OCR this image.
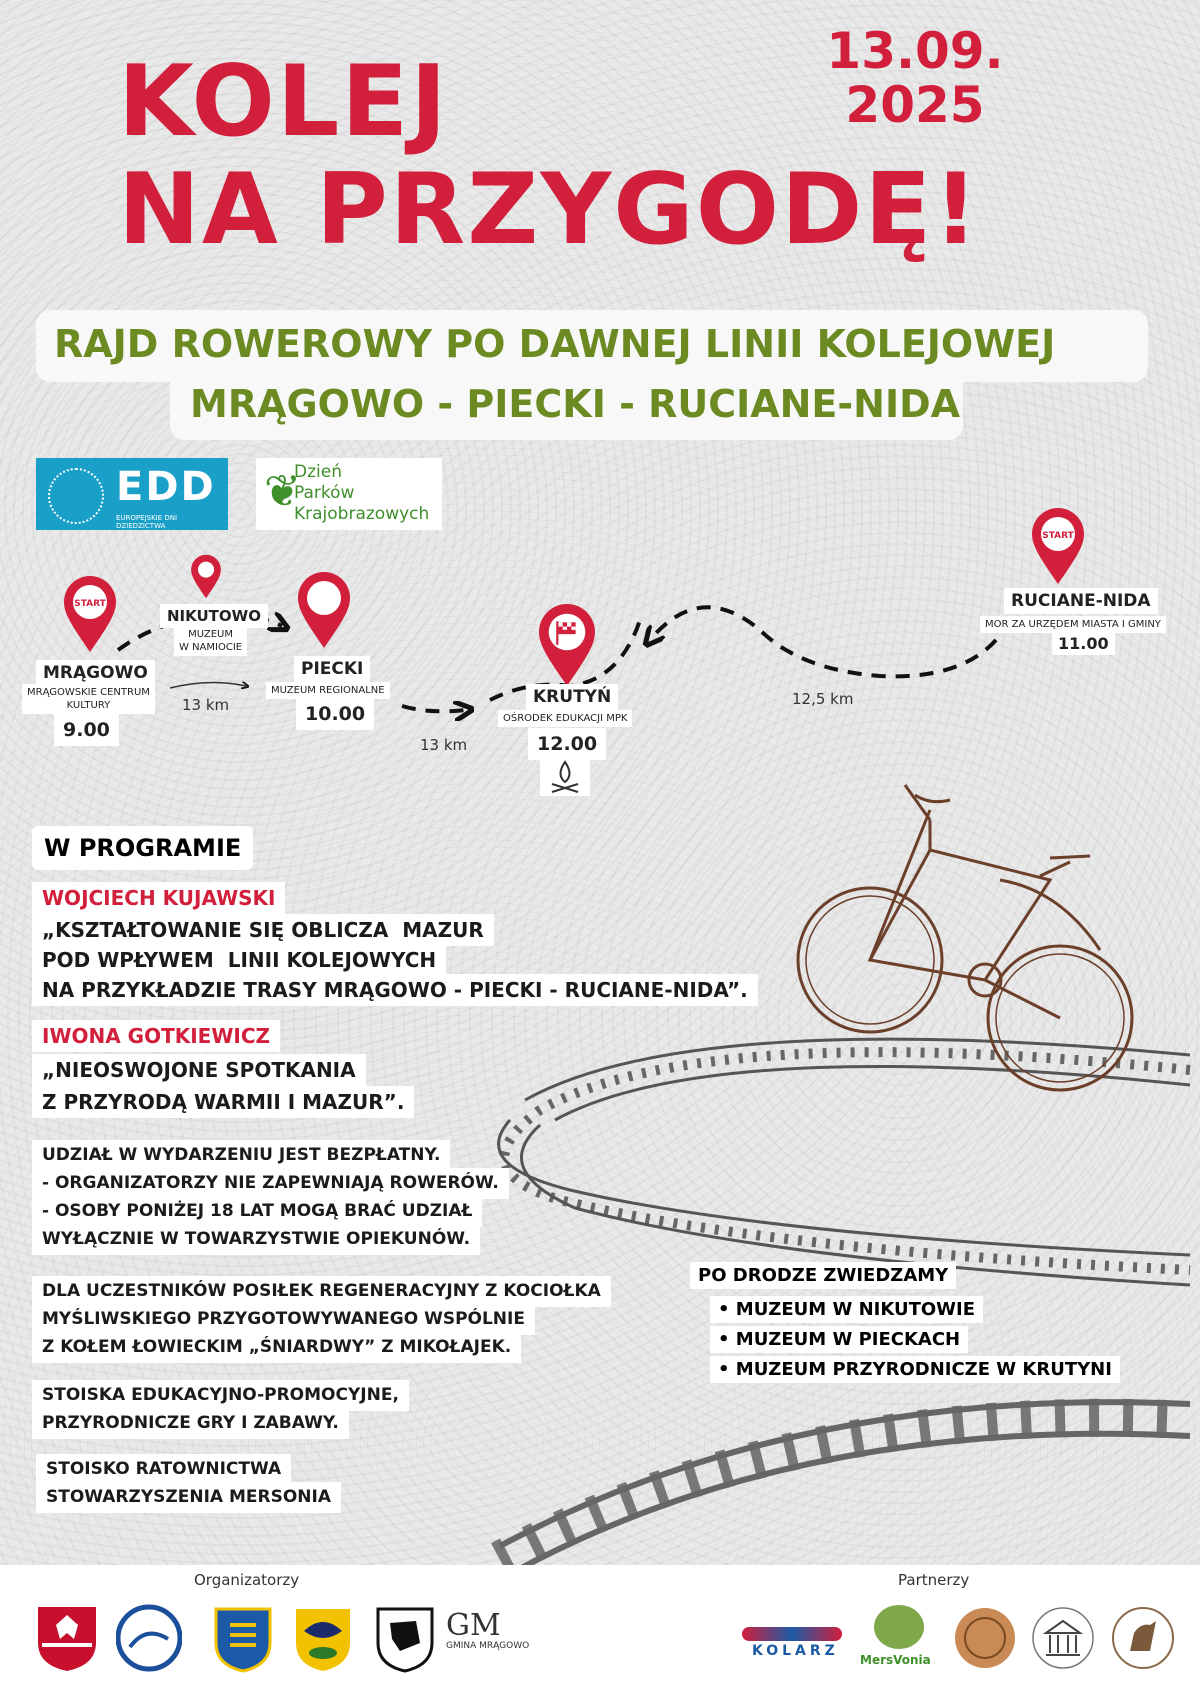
KOLEJ
NA PRZYGODĘ!
13.09.
2025
RAJD ROWEROWY PO DAWNEJ LINII KOLEJOWEJ
MRĄGOWO - PIECKI - RUCIANE-NIDA
EDD
EUROPEJSKIE DNI DZIEDZICTWA
❦
Dzień
Parków
Krajobrazowych
START
START
MRĄGOWO
MRĄGOWSKIE CENTRUM
KULTURY
9.00
NIKUTOWO
MUZEUM
W NAMIOCIE
PIECKI
MUZEUM REGIONALNE
10.00
KRUTYŃ
OŚRODEK EDUKACJI MPK
12.00
RUCIANE-NIDA
MOR ZA URZĘDEM MIASTA I GMINY
11.00
13 km
13 km
12,5 km
W PROGRAMIE
WOJCIECH KUJAWSKI
„KSZTAŁTOWANIE SIĘ OBLICZA  MAZUR
POD WPŁYWEM  LINII KOLEJOWYCH
NA PRZYKŁADZIE TRASY MRĄGOWO - PIECKI - RUCIANE-NIDA”.
IWONA GOTKIEWICZ
„NIEOSWOJONE SPOTKANIA
Z PRZYRODĄ WARMII I MAZUR”.
UDZIAŁ W WYDARZENIU JEST BEZPŁATNY.
- ORGANIZATORZY NIE ZAPEWNIAJĄ ROWERÓW.
- OSOBY PONIŻEJ 18 LAT MOGĄ BRAĆ UDZIAŁ
WYŁĄCZNIE W TOWARZYSTWIE OPIEKUNÓW.
DLA UCZESTNIKÓW POSIŁEK REGENERACYJNY Z KOCIOŁKA
MYŚLIWSKIEGO PRZYGOTOWYWANEGO WSPÓLNIE
Z KOŁEM ŁOWIECKIM „ŚNIARDWY” Z MIKOŁAJEK.
STOISKA EDUKACYJNO-PROMOCYJNE,
PRZYRODNICZE GRY I ZABAWY.
STOISKO RATOWNICTWA
STOWARZYSZENIA MERSONIA
PO DRODZE ZWIEDZAMY
• MUZEUM W NIKUTOWIE
• MUZEUM W PIECKACH
• MUZEUM PRZYRODNICZE W KRUTYNI
Organizatorzy	Partnerzy
GM
GMINA MRĄGOWO	KOLARZ
MersVonia
